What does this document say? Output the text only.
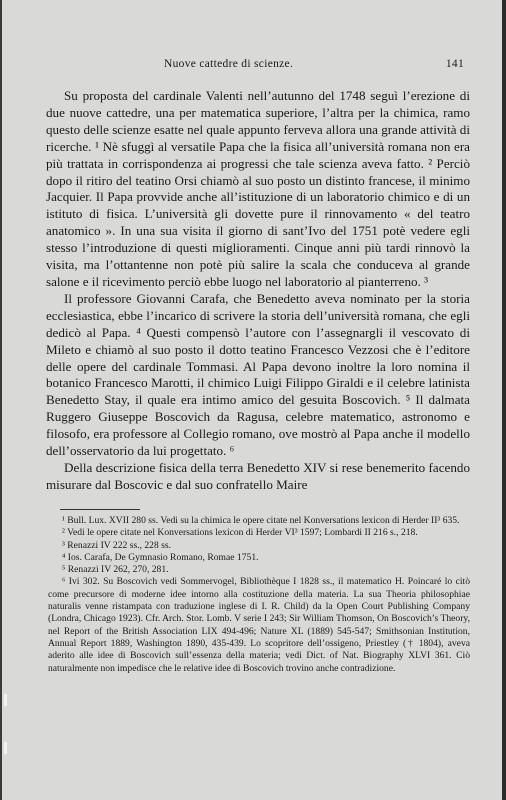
Nuove cattedre di scienze.	141

Su proposta del cardinale Valenti nell’autunno del 1748 seguì l’erezione di due nuove cattedre, una per matematica superiore, l’altra per la chimica, ramo questo delle scienze esatte nel quale appunto ferveva allora una grande attività di ricerche. ¹ Nè sfuggì al versatile Papa che la fisica all’università romana non era più trattata in corrispondenza ai progressi che tale scienza aveva fatto. ² Perciò dopo il ritiro del teatino Orsi chiamò al suo posto un distinto francese, il minimo Jacquier. Il Papa provvide anche all’istituzione di un laboratorio chimico e di un istituto di fisica. L’università gli dovette pure il rinnovamento « del teatro anatomico ». In una sua visita il giorno di sant’Ivo del 1751 potè vedere egli stesso l’introduzione di questi miglioramenti. Cinque anni più tardi rinnovò la visita, ma l’ottantenne non potè più salire la scala che conduceva al grande salone e il ricevimento perciò ebbe luogo nel laboratorio al pianterreno. ³

Il professore Giovanni Carafa, che Benedetto aveva nominato per la storia ecclesiastica, ebbe l’incarico di scrivere la storia dell’università romana, che egli dedicò al Papa. ⁴ Questi compensò l’autore con l’assegnargli il vescovato di Mileto e chiamò al suo posto il dotto teatino Francesco Vezzosi che è l’editore delle opere del cardinale Tommasi. Al Papa devono inoltre la loro nomina il botanico Francesco Marotti, il chimico Luigi Filippo Giraldi e il celebre latinista Benedetto Stay, il quale era intimo amico del gesuita Boscovich. ⁵ Il dalmata Ruggero Giuseppe Boscovich da Ragusa, celebre matematico, astronomo e filosofo, era professore al Collegio romano, ove mostrò al Papa anche il modello dell’osservatorio da lui progettato. ⁶

Della descrizione fisica della terra Benedetto XIV si rese benemerito facendo misurare dal Boscovic e dal suo confratello Maire

¹ Bull. Lux. XVII 280 ss. Vedi su la chimica le opere citate nel Konversations lexicon di Herder II³ 635.

² Vedi le opere citate nel Konversations lexicon di Herder VI³ 1597; Lombardi II 216 s., 218.

³ Renazzi IV 222 ss., 228 ss.

⁴ Ios. Carafa, De Gymnasio Romano, Romae 1751.

⁵ Renazzi IV 262, 270, 281.

⁶ Ivi 302. Su Boscovich vedi Sommervogel, Bibliothèque I 1828 ss., il matematico H. Poincaré lo citò come precursore di moderne idee intorno alla costituzione della materia. La sua Theoria philosophiae naturalis venne ristampata con traduzione inglese di I. R. Child) da la Open Court Publishing Company (Londra, Chicago 1923). Cfr. Arch. Stor. Lomb. V serie I 243; Sir William Thomson, On Boscovich’s Theory, nel Report of the British Association LIX 494-496; Nature XL (1889) 545-547; Smithsonian Institution, Annual Report 1889, Washington 1890, 435-439. Lo scopritore dell’ossigeno, Priestley († 1804), aveva aderito alle idee di Boscovich sull’essenza della materia; vedi Dict. of Nat. Biography XLVI 361. Ciò naturalmente non impedisce che le relative idee di Boscovich trovino anche contradizione.
